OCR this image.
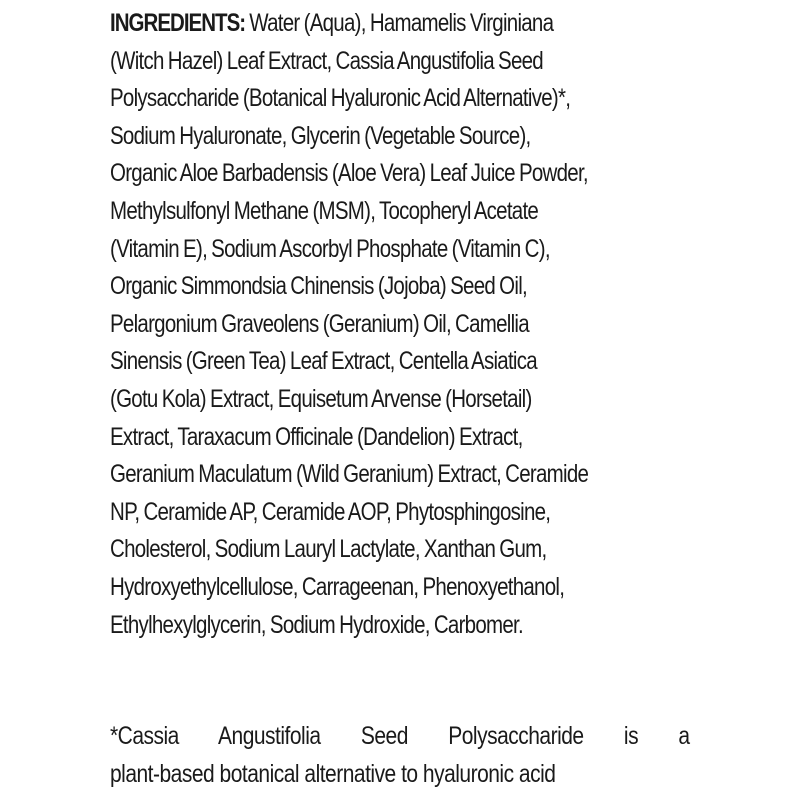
INGREDIENTS: Water (Aqua), Hamamelis Virginiana
(Witch Hazel) Leaf Extract, Cassia Angustifolia Seed
Polysaccharide (Botanical Hyaluronic Acid Alternative)*,
Sodium Hyaluronate, Glycerin (Vegetable Source),
Organic Aloe Barbadensis (Aloe Vera) Leaf Juice Powder,
Methylsulfonyl Methane (MSM), Tocopheryl Acetate
(Vitamin E), Sodium Ascorbyl Phosphate (Vitamin C),
Organic Simmondsia Chinensis (Jojoba) Seed Oil,
Pelargonium Graveolens (Geranium) Oil, Camellia
Sinensis (Green Tea) Leaf Extract, Centella Asiatica
(Gotu Kola) Extract, Equisetum Arvense (Horsetail)
Extract, Taraxacum Officinale (Dandelion) Extract,
Geranium Maculatum (Wild Geranium) Extract, Ceramide
NP, Ceramide AP, Ceramide AOP, Phytosphingosine,
Cholesterol, Sodium Lauryl Lactylate, Xanthan Gum,
Hydroxyethylcellulose, Carrageenan, Phenoxyethanol,
Ethylhexylglycerin, Sodium Hydroxide, Carbomer.
*Cassia Angustifolia Seed Polysaccharide is a
plant-based botanical alternative to hyaluronic acid
